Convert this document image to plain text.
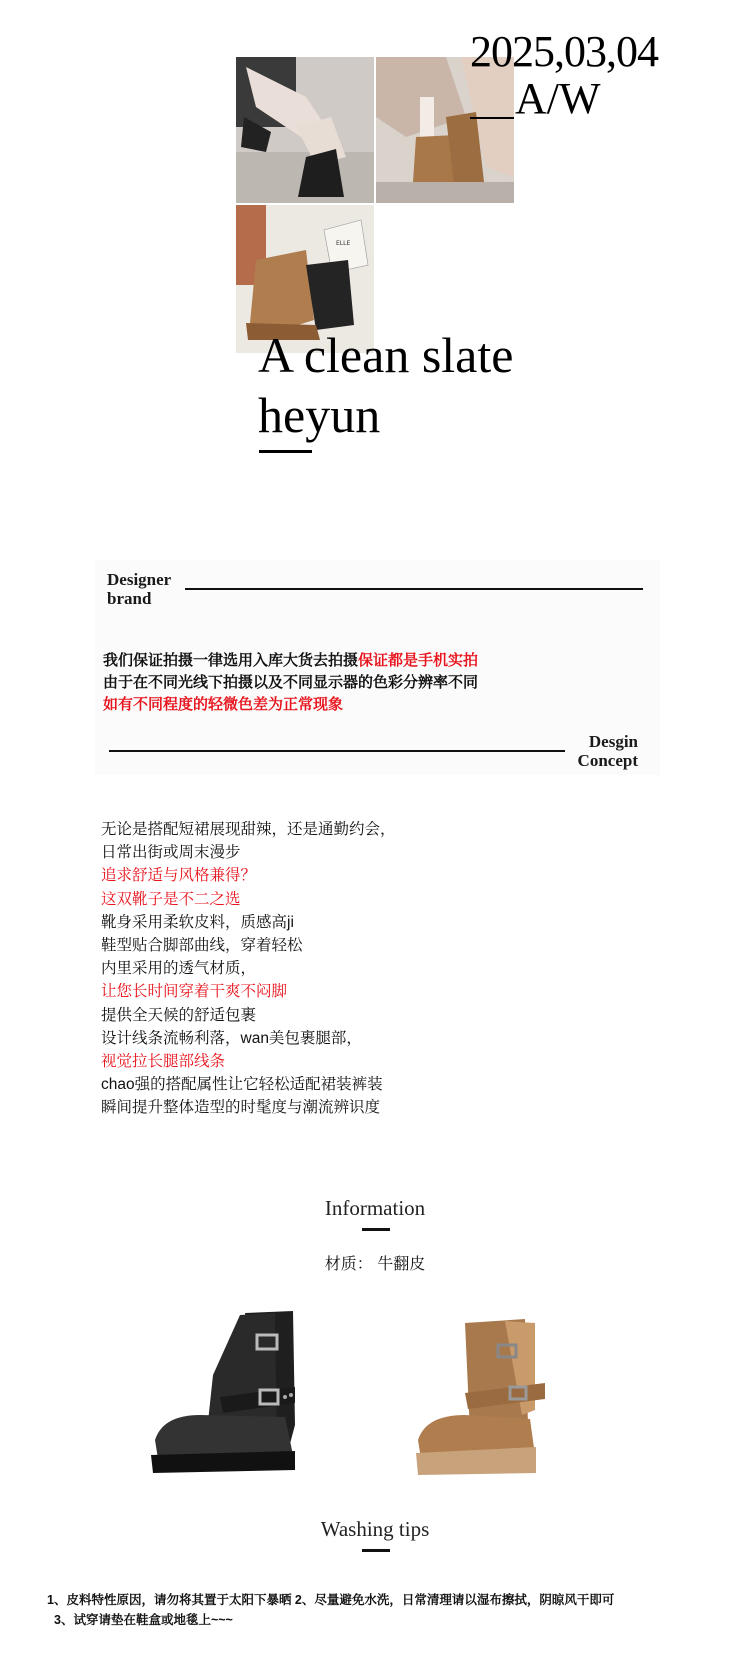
ELLE
2025,03,04
A/W
A clean slate
heyun
Designer
brand
我们保证拍摄一律选用入库大货去拍摄保证都是手机实拍
由于在不同光线下拍摄以及不同显示器的色彩分辨率不同
如有不同程度的轻微色差为正常现象
Desgin
Concept
无论是搭配短裙展现甜辣，还是通勤约会，
日常出街或周末漫步
追求舒适与风格兼得？
这双靴子是不二之选
靴身采用柔软皮料，质感高ji
鞋型贴合脚部曲线，穿着轻松
内里采用的透气材质，
让您长时间穿着干爽不闷脚
提供全天候的舒适包裹
设计线条流畅利落，wan美包裹腿部，
视觉拉长腿部线条
chao强的搭配属性让它轻松适配裙装裤装
瞬间提升整体造型的时髦度与潮流辨识度
Information
材质： 牛翻皮
Washing tips
1、皮料特性原因，请勿将其置于太阳下暴晒 2、尽量避免水洗，日常清理请以湿布擦拭，阴晾风干即可
3、试穿请垫在鞋盒或地毯上~~~
